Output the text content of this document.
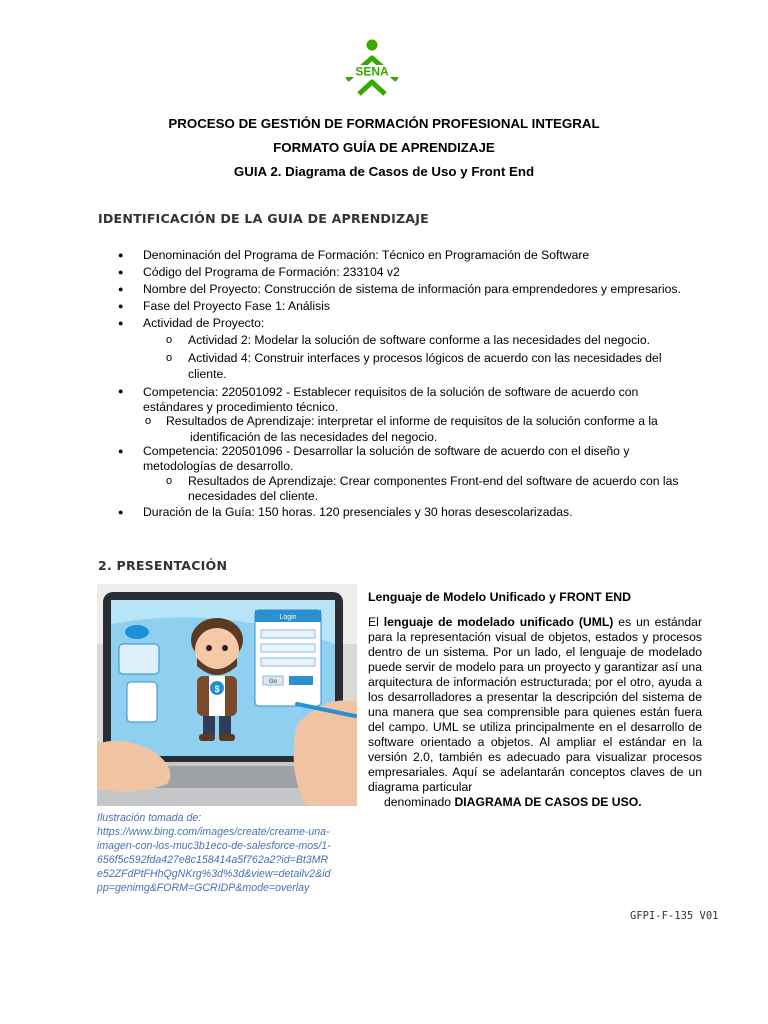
SENA
PROCESO DE GESTIÓN DE FORMACIÓN PROFESIONAL INTEGRAL
FORMATO GUÍA DE APRENDIZAJE
GUIA 2. Diagrama de Casos de Uso y Front End
IDENTIFICACIÓN DE LA GUIA DE APRENDIZAJE
● Denominación del Programa de Formación: Técnico en Programación de Software
● Código del Programa de Formación: 233104 v2
● Nombre del Proyecto: Construcción de sistema de información para emprendedores y empresarios.
● Fase del Proyecto Fase 1: Análisis
● Actividad de Proyecto:
o Actividad 2: Modelar la solución de software conforme a las necesidades del negocio.
o Actividad 4: Construir interfaces y procesos lógicos de acuerdo con las necesidades del
cliente.
● Competencia: 220501092 - Establecer requisitos de la solución de software de acuerdo con
estándares y procedimiento técnico.
o Resultados de Aprendizaje: interpretar el informe de requisitos de la solución conforme a la
identificación de las necesidades del negocio.
● Competencia: 220501096 - Desarrollar la solución de software de acuerdo con el diseño y
metodologías de desarrollo.
o Resultados de Aprendizaje: Crear componentes Front-end del software de acuerdo con las
necesidades del cliente.
● Duración de la Guía: 150 horas. 120 presenciales y 30 horas desescolarizadas.
2. PRESENTACIÓN
Login
Go
$
Ilustración tomada de:
https://www.bing.com/images/create/creame-una-
imagen-con-los-muc3b1eco-de-salesforce-mos/1-
656f5c592fda427e8c158414a5f762a2?id=Bt3MR
e52ZFdPtFHhQgNKrg%3d%3d&view=detailv2&id
pp=genimg&FORM=GCRIDP&mode=overlay
Lenguaje de Modelo Unificado y FRONT END
El lenguaje de modelado unificado (UML) es un estándar para la representación visual de objetos, estados y procesos dentro de un sistema. Por un lado, el lenguaje de modelado puede servir de modelo para un proyecto y garantizar así una arquitectura de información estructurada; por el otro, ayuda a los desarrolladores a presentar la descripción del sistema de una manera que sea comprensible para quienes están fuera del campo. UML se utiliza principalmente en el desarrollo de software orientado a objetos. Al ampliar el estándar en la versión 2.0, también es adecuado para visualizar procesos empresariales. Aquí se adelantarán conceptos claves de un diagrama particular
denominado DIAGRAMA DE CASOS DE USO.
GFPI-F-135 V01
